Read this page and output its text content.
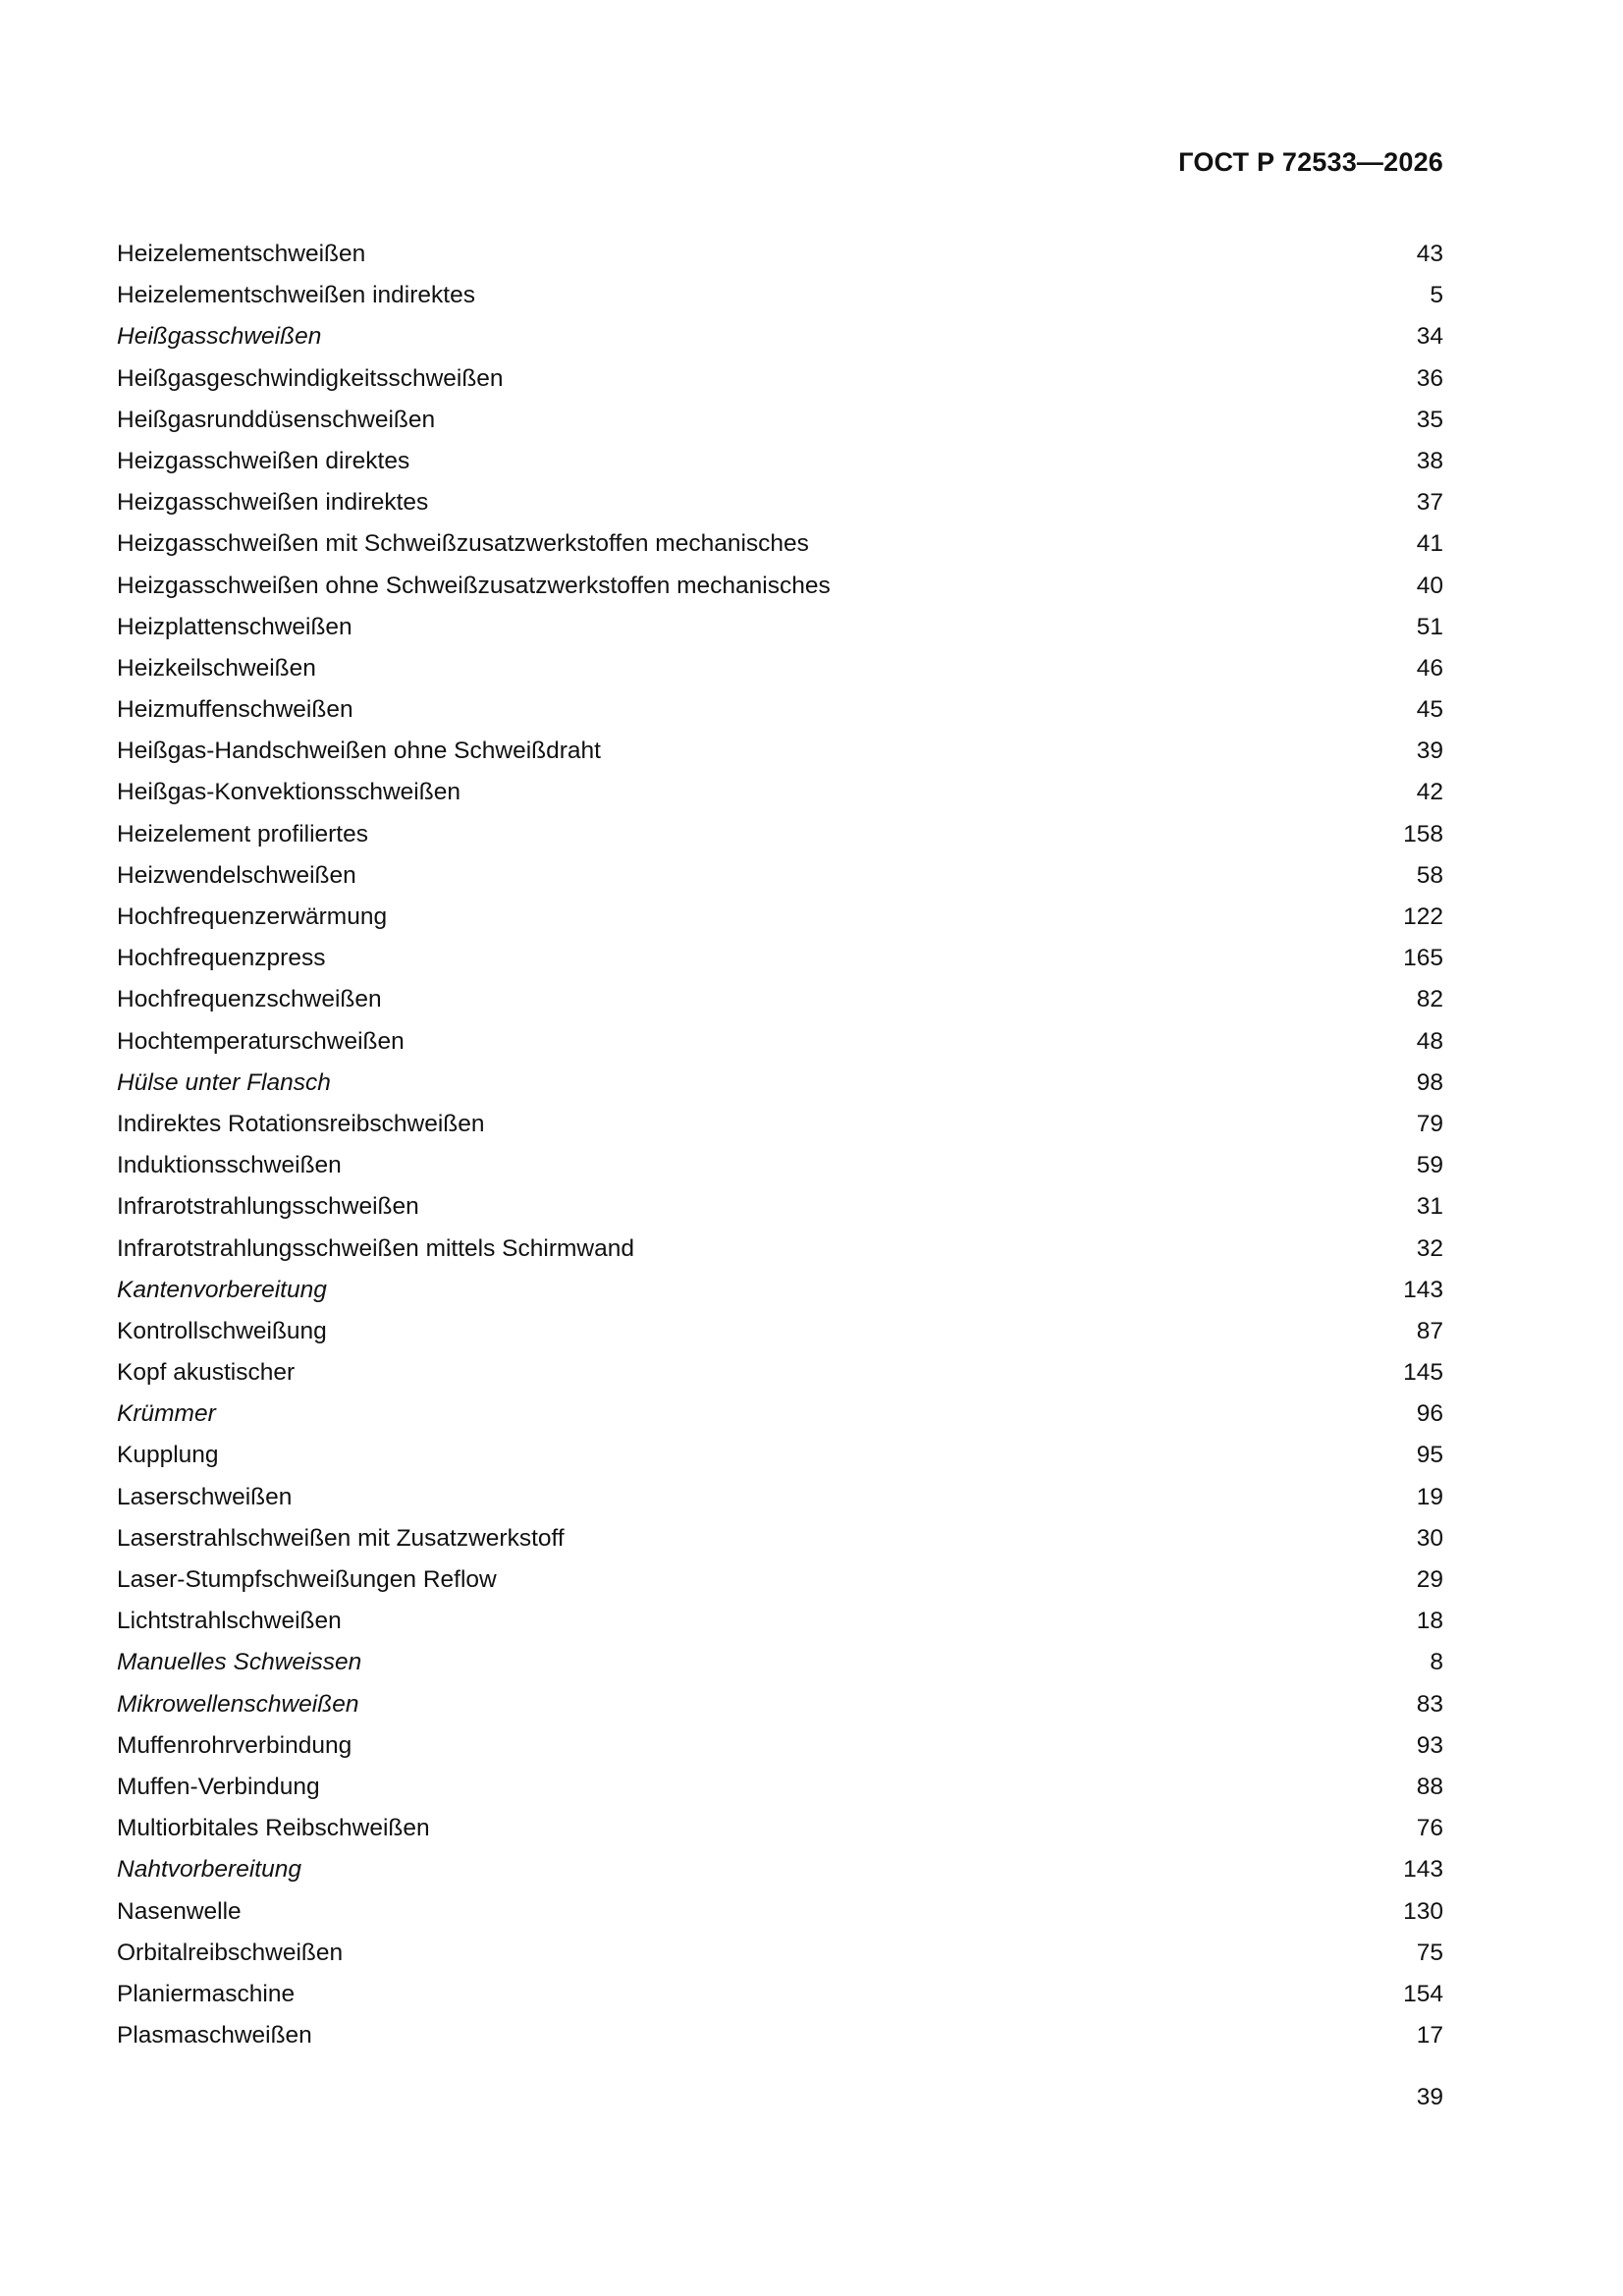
ГОСТ Р 72533—2026
Heizelementschweißen	43
Heizelementschweißen indirektes	5
Heißgasschweißen	34
Heißgasgeschwindigkeitsschweißen	36
Heißgasrunddüsenschweißen	35
Heizgasschweißen direktes	38
Heizgasschweißen indirektes	37
Heizgasschweißen mit Schweißzusatzwerkstoffen mechanisches	41
Heizgasschweißen ohne Schweißzusatzwerkstoffen mechanisches	40
Heizplattenschweißen	51
Heizkeilschweißen	46
Heizmuffenschweißen	45
Heißgas-Handschweißen ohne Schweißdraht	39
Heißgas-Konvektionsschweißen	42
Heizelement profiliertes	158
Heizwendelschweißen	58
Hochfrequenzerwärmung	122
Hochfrequenzpress	165
Hochfrequenzschweißen	82
Hochtemperaturschweißen	48
Hülse unter Flansch	98
Indirektes Rotationsreibschweißen	79
Induktionsschweißen	59
Infrarotstrahlungsschweißen	31
Infrarotstrahlungsschweißen mittels Schirmwand	32
Kantenvorbereitung	143
Kontrollschweißung	87
Kopf akustischer	145
Krümmer	96
Kupplung	95
Laserschweißen	19
Laserstrahlschweißen mit Zusatzwerkstoff	30
Laser-Stumpfschweißungen Reflow	29
Lichtstrahlschweißen	18
Manuelles Schweissen	8
Mikrowellenschweißen	83
Muffenrohrverbindung	93
Muffen-Verbindung	88
Multiorbitales Reibschweißen	76
Nahtvorbereitung	143
Nasenwelle	130
Orbitalreibschweißen	75
Planiermaschine	154
Plasmaschweißen	17
39
